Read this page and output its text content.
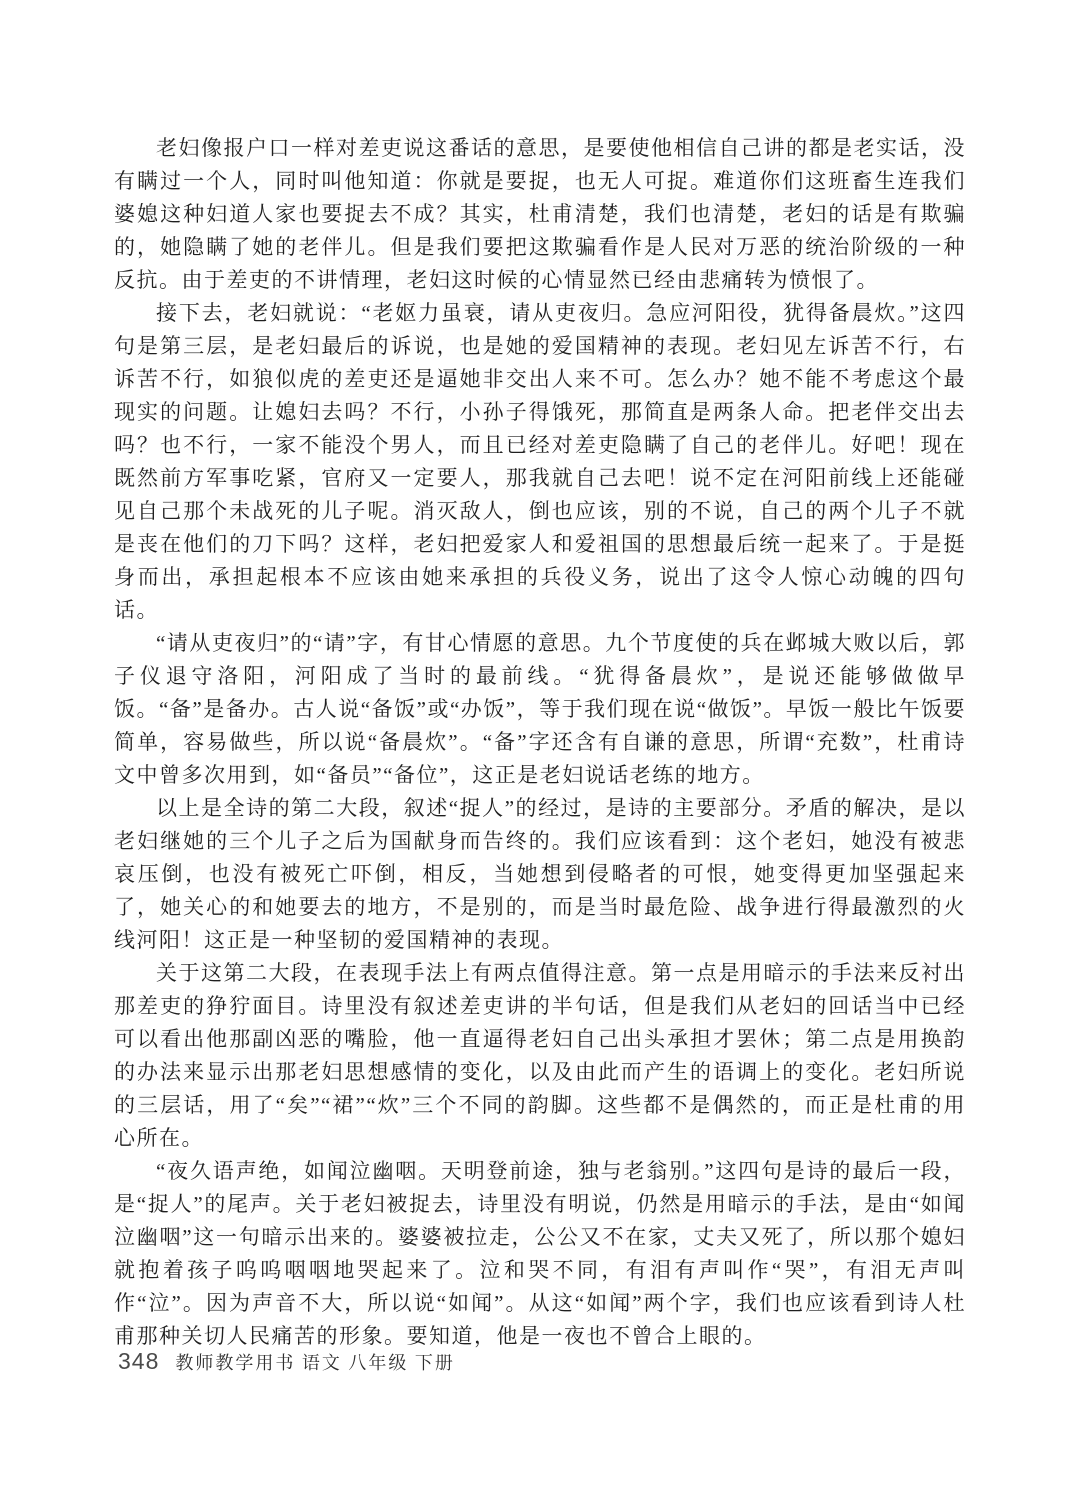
老妇像报户口一样对差吏说这番话的意思，是要使他相信自己讲的都是老实话，没有瞒过一个人，同时叫他知道：你就是要捉，也无人可捉。难道你们这班畜生连我们婆媳这种妇道人家也要捉去不成？其实，杜甫清楚，我们也清楚，老妇的话是有欺骗的，她隐瞒了她的老伴儿。但是我们要把这欺骗看作是人民对万恶的统治阶级的一种反抗。由于差吏的不讲情理，老妇这时候的心情显然已经由悲痛转为愤恨了。

接下去，老妇就说：“老妪力虽衰，请从吏夜归。急应河阳役，犹得备晨炊。”这四句是第三层，是老妇最后的诉说，也是她的爱国精神的表现。老妇见左诉苦不行，右诉苦不行，如狼似虎的差吏还是逼她非交出人来不可。怎么办？她不能不考虑这个最现实的问题。让媳妇去吗？不行，小孙子得饿死，那简直是两条人命。把老伴交出去吗？也不行，一家不能没个男人，而且已经对差吏隐瞒了自己的老伴儿。好吧！现在既然前方军事吃紧，官府又一定要人，那我就自己去吧！说不定在河阳前线上还能碰见自己那个未战死的儿子呢。消灭敌人，倒也应该，别的不说，自己的两个儿子不就是丧在他们的刀下吗？这样，老妇把爱家人和爱祖国的思想最后统一起来了。于是挺身而出，承担起根本不应该由她来承担的兵役义务，说出了这令人惊心动魄的四句话。

“请从吏夜归”的“请”字，有甘心情愿的意思。九个节度使的兵在邺城大败以后，郭子仪退守洛阳，河阳成了当时的最前线。“犹得备晨炊”，是说还能够做做早饭。“备”是备办。古人说“备饭”或“办饭”，等于我们现在说“做饭”。早饭一般比午饭要简单，容易做些，所以说“备晨炊”。“备”字还含有自谦的意思，所谓“充数”，杜甫诗文中曾多次用到，如“备员”“备位”，这正是老妇说话老练的地方。

以上是全诗的第二大段，叙述“捉人”的经过，是诗的主要部分。矛盾的解决，是以老妇继她的三个儿子之后为国献身而告终的。我们应该看到：这个老妇，她没有被悲哀压倒，也没有被死亡吓倒，相反，当她想到侵略者的可恨，她变得更加坚强起来了，她关心的和她要去的地方，不是别的，而是当时最危险、战争进行得最激烈的火线河阳！这正是一种坚韧的爱国精神的表现。

关于这第二大段，在表现手法上有两点值得注意。第一点是用暗示的手法来反衬出那差吏的狰狞面目。诗里没有叙述差吏讲的半句话，但是我们从老妇的回话当中已经可以看出他那副凶恶的嘴脸，他一直逼得老妇自己出头承担才罢休；第二点是用换韵的办法来显示出那老妇思想感情的变化，以及由此而产生的语调上的变化。老妇所说的三层话，用了“矣”“裙”“炊”三个不同的韵脚。这些都不是偶然的，而正是杜甫的用心所在。

“夜久语声绝，如闻泣幽咽。天明登前途，独与老翁别。”这四句是诗的最后一段，是“捉人”的尾声。关于老妇被捉去，诗里没有明说，仍然是用暗示的手法，是由“如闻泣幽咽”这一句暗示出来的。婆婆被拉走，公公又不在家，丈夫又死了，所以那个媳妇就抱着孩子呜呜咽咽地哭起来了。泣和哭不同，有泪有声叫作“哭”，有泪无声叫作“泣”。因为声音不大，所以说“如闻”。从这“如闻”两个字，我们也应该看到诗人杜甫那种关切人民痛苦的形象。要知道，他是一夜也不曾合上眼的。

348 教师教学用书 语文 八年级 下册
